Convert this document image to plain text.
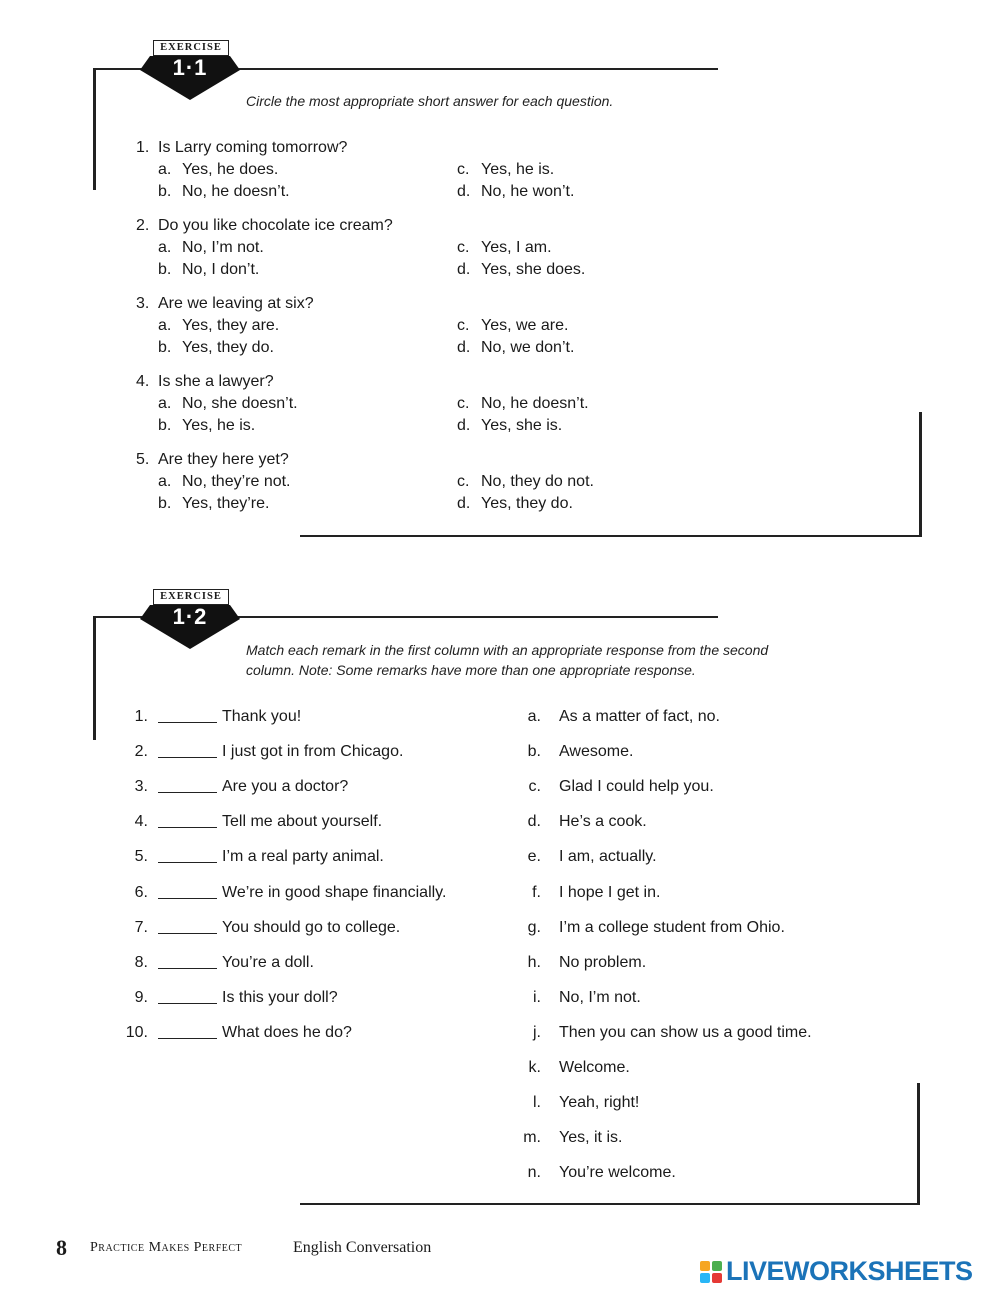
EXERCISE
1·1
Circle the most appropriate short answer for each question.
1. Is Larry coming tomorrow?
a. Yes, he does.
b. No, he doesn’t.
c. Yes, he is.
d. No, he won’t.
2. Do you like chocolate ice cream?
a. No, I’m not.
b. No, I don’t.
c. Yes, I am.
d. Yes, she does.
3. Are we leaving at six?
a. Yes, they are.
b. Yes, they do.
c. Yes, we are.
d. No, we don’t.
4. Is she a lawyer?
a. No, she doesn’t.
b. Yes, he is.
c. No, he doesn’t.
d. Yes, she is.
5. Are they here yet?
a. No, they’re not.
b. Yes, they’re.
c. No, they do not.
d. Yes, they do.
EXERCISE
1·2
Match each remark in the first column with an appropriate response from the second
column. Note: Some remarks have more than one appropriate response.
1.	Thank you!
2.	I just got in from Chicago.
3.	Are you a doctor?
4.	Tell me about yourself.
5.	I’m a real party animal.
6.	We’re in good shape financially.
7.	You should go to college.
8.	You’re a doll.
9.	Is this your doll?
10.	What does he do?
a. As a matter of fact, no.
b. Awesome.
c. Glad I could help you.
d. He’s a cook.
e. I am, actually.
f. I hope I get in.
g. I’m a college student from Ohio.
h. No problem.
i. No, I’m not.
j. Then you can show us a good time.
k. Welcome.
l. Yeah, right!
m. Yes, it is.
n. You’re welcome.
8 Practice Makes Perfect	English Conversation
LIVEWORKSHEETS
